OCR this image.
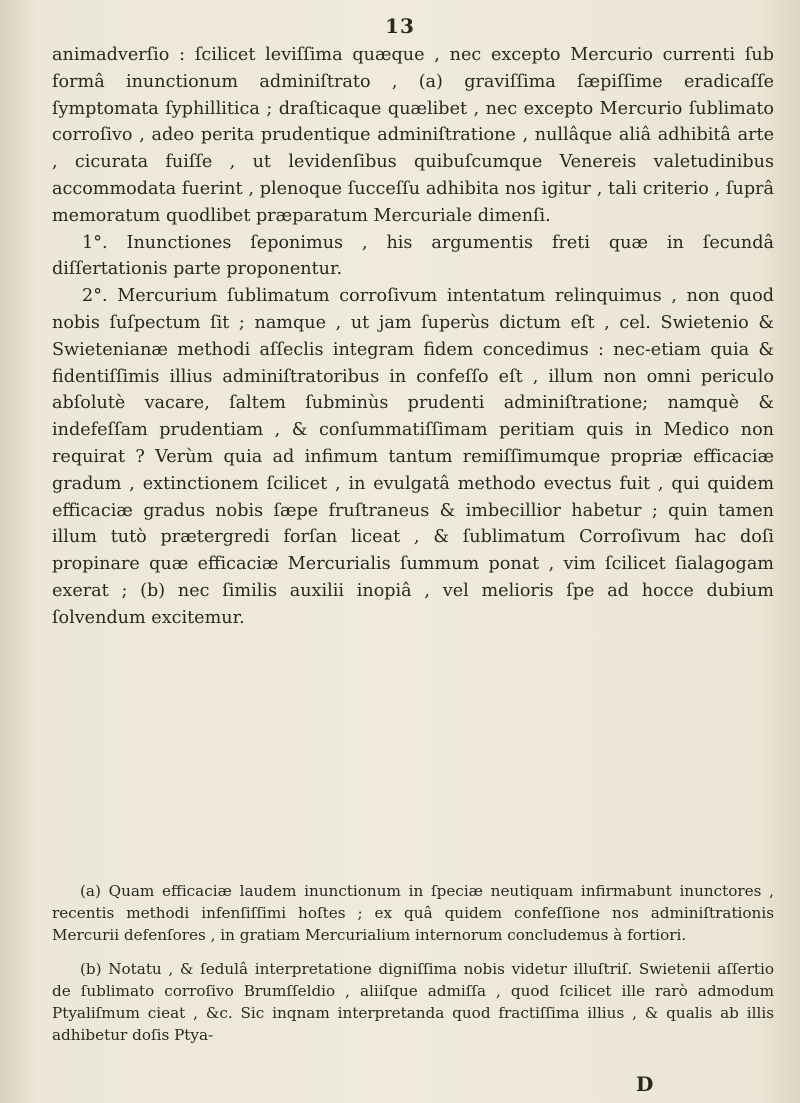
13

animadverſio : ſcilicet leviſſima quæque , nec excepto Mercurio currenti ſub formâ inunctionum adminiſtrato , (a) graviſſima ſæpiſſime eradicaſſe ſymptomata ſyphillitica ; draſticaque quælibet , nec excepto Mercurio ſublimato corroſivo , adeo perita prudentique adminiſtratione , nullâque aliâ adhibitâ arte , cicurata fuiſſe , ut levidenſibus quibuſcumque Venereis valetudinibus accommodata fuerint , plenoque ſucceſſu adhibita nos igitur , tali criterio , ſuprâ memoratum quodlibet præparatum Mercuriale dimenſi.

1°. Inunctiones ſeponimus , his argumentis freti quæ in ſecundâ diſſertationis parte proponentur.

2°. Mercurium ſublimatum corroſivum intentatum relinquimus , non quod nobis ſuſpectum ſit ; namque , ut jam ſuperùs dictum eſt , cel. Swietenio & Swietenianæ methodi aſſeclis integram fidem concedimus : nec-etiam quia & fidentiſſimis illius adminiſtratoribus in confeſſo eſt , illum non omni periculo abſolutè vacare, ſaltem ſubminùs prudenti adminiſtratione; namquè & indefeſſam prudentiam , & conſummatiſſimam peritiam quis in Medico non requirat ? Verùm quia ad infimum tantum remiſſimumque propriæ efficaciæ gradum , extinctionem ſcilicet , in evulgatâ methodo evectus fuit , qui quidem efficaciæ gradus nobis ſæpe fruſtraneus & imbecillior habetur ; quin tamen illum tutò prætergredi forſan liceat , & ſublimatum Corroſivum hac doſi propinare quæ efficaciæ Mercurialis ſummum ponat , vim ſcilicet ſialagogam exerat ; (b) nec ſimilis auxilii inopiâ , vel melioris ſpe ad hocce dubium ſolvendum excitemur.

(a) Quam efficaciæ laudem inunctionum in ſpeciæ neutiquam infirmabunt inunctores , recentis methodi infenſiſſimi hoſtes ; ex quâ quidem confeſſione nos adminiſtrationis Mercurii defenſores , in gratiam Mercurialium internorum concludemus à fortiori.

(b) Notatu , & ſedulâ interpretatione digniſſima nobis videtur illuſtriſ. Swietenii aſſertio de ſublimato corroſivo Brumſſeldio , aliiſque admiſſa , quod ſcilicet ille rarò admodum Ptyaliſmum cieat , &c. Sic inqnam interpretanda quod fractiſſima illius , & qualis ab illis adhibetur doſis Ptya-

D
